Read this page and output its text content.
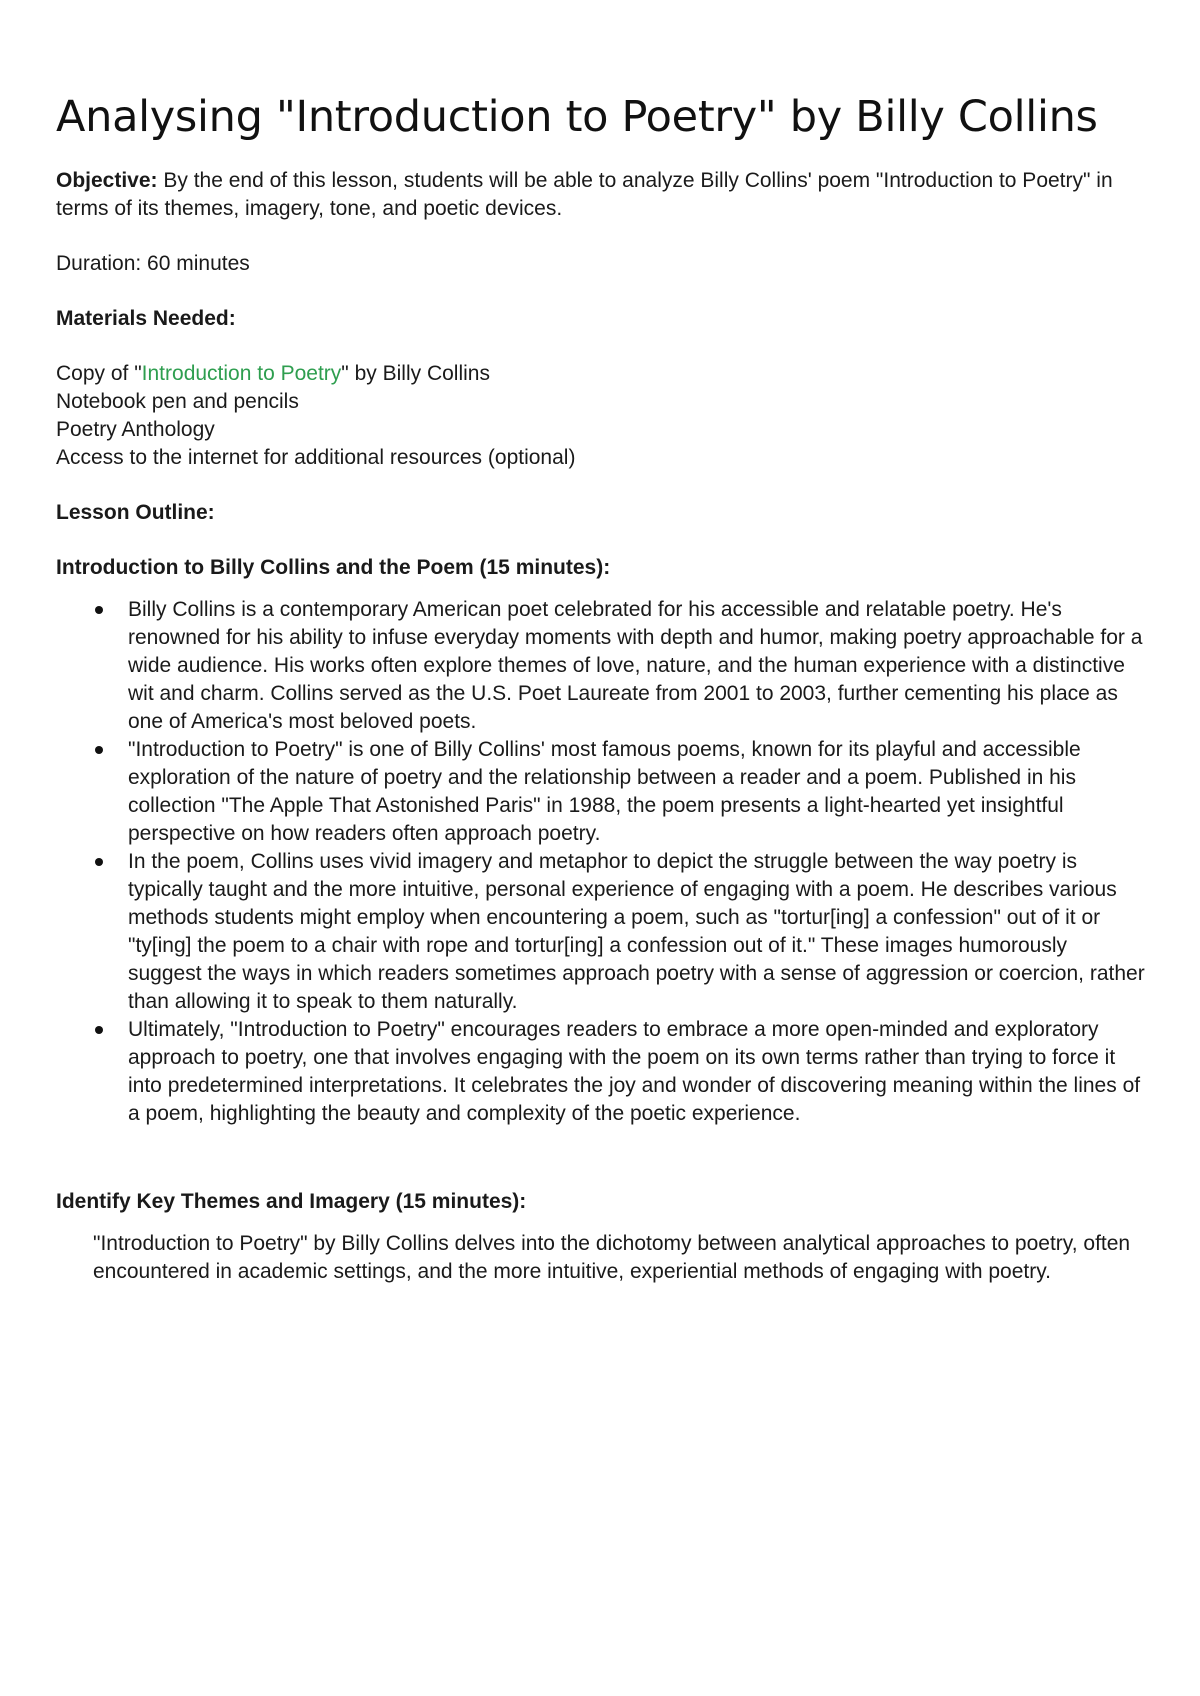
Analysing "Introduction to Poetry" by Billy Collins

Objective: By the end of this lesson, students will be able to analyze Billy Collins' poem "Introduction to Poetry" in terms of its themes, imagery, tone, and poetic devices.

Duration: 60 minutes

Materials Needed:

Copy of "Introduction to Poetry" by Billy Collins
Notebook pen and pencils
Poetry Anthology
Access to the internet for additional resources (optional)

Lesson Outline:

Introduction to Billy Collins and the Poem (15 minutes):

Billy Collins is a contemporary American poet celebrated for his accessible and relatable poetry. He's renowned for his ability to infuse everyday moments with depth and humor, making poetry approachable for a wide audience. His works often explore themes of love, nature, and the human experience with a distinctive wit and charm. Collins served as the U.S. Poet Laureate from 2001 to 2003, further cementing his place as one of America's most beloved poets.
"Introduction to Poetry" is one of Billy Collins' most famous poems, known for its playful and accessible exploration of the nature of poetry and the relationship between a reader and a poem. Published in his collection "The Apple That Astonished Paris" in 1988, the poem presents a light-hearted yet insightful perspective on how readers often approach poetry.
In the poem, Collins uses vivid imagery and metaphor to depict the struggle between the way poetry is typically taught and the more intuitive, personal experience of engaging with a poem. He describes various methods students might employ when encountering a poem, such as "tortur[ing] a confession" out of it or "ty[ing] the poem to a chair with rope and tortur[ing] a confession out of it." These images humorously suggest the ways in which readers sometimes approach poetry with a sense of aggression or coercion, rather than allowing it to speak to them naturally.
Ultimately, "Introduction to Poetry" encourages readers to embrace a more open-minded and exploratory approach to poetry, one that involves engaging with the poem on its own terms rather than trying to force it into predetermined interpretations. It celebrates the joy and wonder of discovering meaning within the lines of a poem, highlighting the beauty and complexity of the poetic experience.

Identify Key Themes and Imagery (15 minutes):

"Introduction to Poetry" by Billy Collins delves into the dichotomy between analytical approaches to poetry, often encountered in academic settings, and the more intuitive, experiential methods of engaging with poetry.
